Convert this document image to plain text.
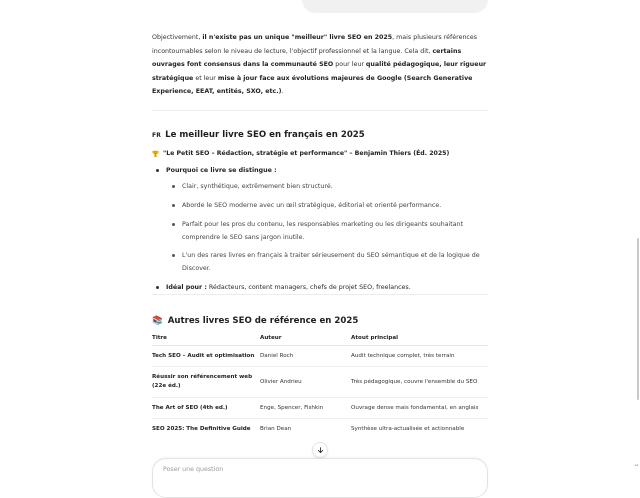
Objectivement, il n'existe pas un unique "meilleur" livre SEO en 2025, mais plusieurs références incontournables selon le niveau de lecture, l'objectif professionnel et la langue. Cela dit, certains ouvrages font consensus dans la communauté SEO pour leur qualité pédagogique, leur rigueur stratégique et leur mise à jour face aux évolutions majeures de Google (Search Generative Experience, EEAT, entités, SXO, etc.).
FR Le meilleur livre SEO en français en 2025
"Le Petit SEO – Rédaction, stratégie et performance" – Benjamin Thiers (Éd. 2025)
Pourquoi ce livre se distingue :
Clair, synthétique, extrêmement bien structuré.
Aborde le SEO moderne avec un œil stratégique, éditorial et orienté performance.
Parfait pour les pros du contenu, les responsables marketing ou les dirigeants souhaitant comprendre le SEO sans jargon inutile.
L'un des rares livres en français à traiter sérieusement du SEO sémantique et de la logique de Discover.
Idéal pour : Rédacteurs, content managers, chefs de projet SEO, freelances.
📚 Autres livres SEO de référence en 2025
Titre	Auteur	Atout principal
Tech SEO – Audit et optimisation	Daniel Roch	Audit technique complet, très terrain
Réussir son référencement web (22e éd.)	Olivier Andrieu	Très pédagogique, couvre l'ensemble du SEO
The Art of SEO (4th ed.)	Enge, Spencer, Fishkin	Ouvrage dense mais fondamental, en anglais
SEO 2025: The Definitive Guide	Brian Dean	Synthèse ultra-actualisée et actionnable
Poser une question
••
